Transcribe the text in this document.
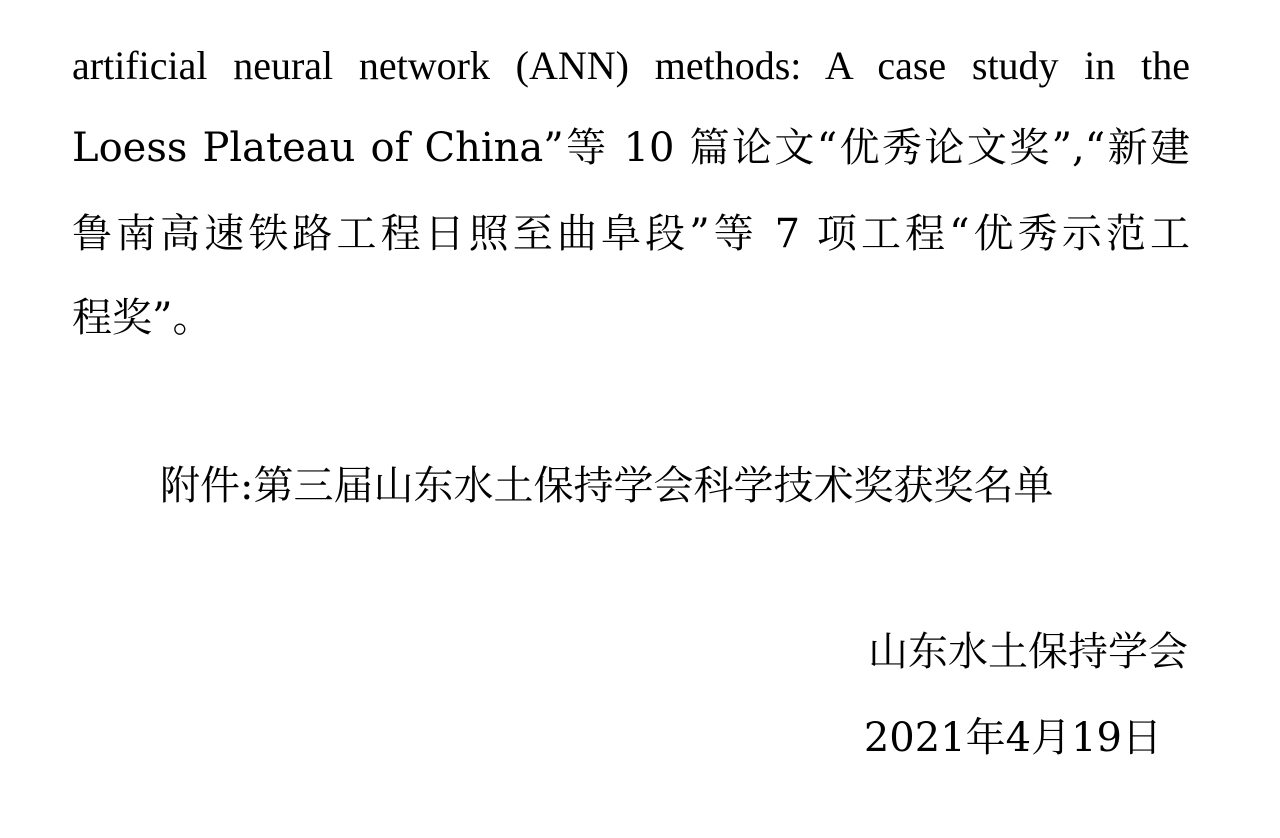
artificial neural network (ANN) methods: A case study in the
Loess Plateau of China”等 10 篇论文“优秀论文奖”,“新建
鲁南高速铁路工程日照至曲阜段”等 7 项工程“优秀示范工
程奖”。
附件:第三届山东水土保持学会科学技术奖获奖名单
山东水土保持学会
2021年4月19日
